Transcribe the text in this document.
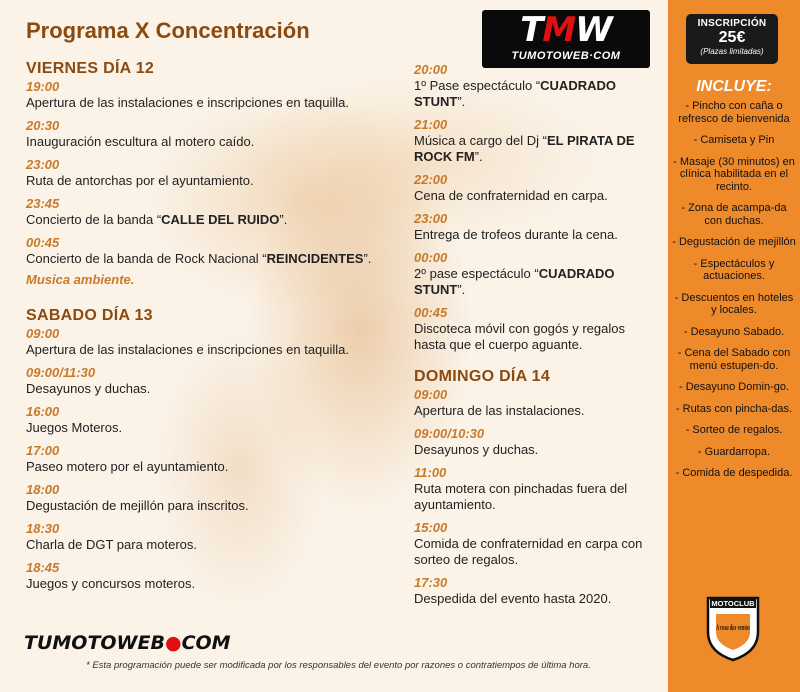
Programa X Concentración	TMW
TUMOTOWEB·COM
VIERNES DÍA 12
19:00
Apertura de las instalaciones e inscripciones en taquilla.
20:30
Inauguración escultura al motero caído.
23:00
Ruta de antorchas por el ayuntamiento.
23:45
Concierto de la banda “CALLE DEL RUIDO”.
00:45
Concierto de la banda de Rock Nacional “REINCIDENTES”.
Musica ambiente.
SABADO DÍA 13
09:00
Apertura de las instalaciones e inscripciones en taquilla.
09:00/11:30
Desayunos y duchas.
16:00
Juegos Moteros.
17:00
Paseo motero por el ayuntamiento.
18:00
Degustación de mejillón para inscritos.
18:30
Charla de DGT para moteros.
18:45
Juegos y concursos moteros.
20:00
1º Pase espectáculo “CUADRADO STUNT”.
21:00
Música a cargo del Dj “EL PIRATA DE ROCK FM”.
22:00
Cena de confraternidad en carpa.
23:00
Entrega de trofeos durante la cena.
00:00
2º pase espectáculo “CUADRADO STUNT”.
00:45
Discoteca móvil con gogós y regalos hasta que el cuerpo aguante.
DOMINGO DÍA 14
09:00
Apertura de las instalaciones.
09:00/10:30
Desayunos y duchas.
11:00
Ruta motera con pinchadas fuera del ayuntamiento.
15:00
Comida de confraternidad en carpa con sorteo de regalos.
17:30
Despedida del evento hasta 2020.
TUMOTOWEB●COM
* Esta programación puede ser modificada por los responsables del evento por razones o contratiempos de última hora.
INSCRIPCIÓN
25€
(Plazas limitadas)
INCLUYE:
- Pincho con caña o refresco de bienvenida
- Camiseta y Pin
- Masaje (30 minutos) en clínica habilitada en el recinto.
- Zona de acampa-da con duchas.
- Degustación de mejillón
- Espectáculos y actuaciones.
- Descuentos en hoteles y locales.
- Desayuno Sabado.
- Cena del Sabado con menú estupen-do.
- Desayuno Domin-go.
- Rutas con pincha-das.
- Sorteo de regalos.
- Guardarropa.
- Comida de despedida.
MOTOCLUB
A rosa dos ventos
